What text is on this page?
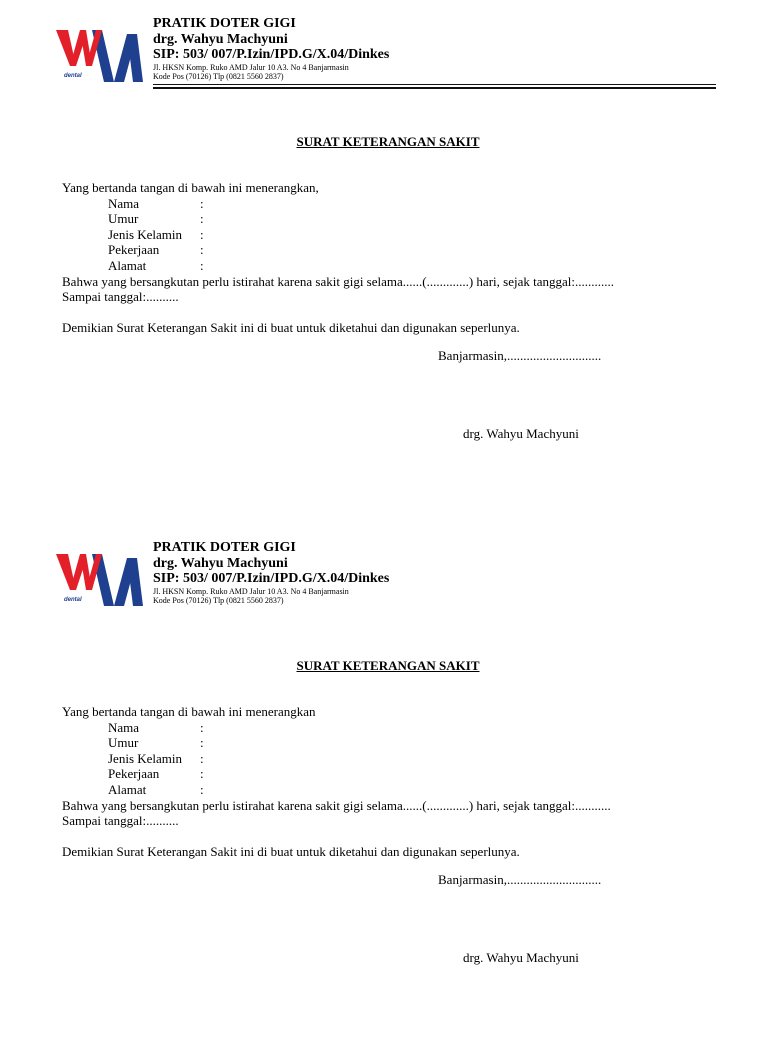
dental
PRATIK DOTER GIGI
drg. Wahyu Machyuni
SIP: 503/ 007/P.Izin/IPD.G/X.04/Dinkes
Jl. HKSN Komp. Ruko AMD Jalur 10 A3. No 4 Banjarmasin
Kode Pos (70126) Tlp (0821 5560 2837)
SURAT KETERANGAN SAKIT
Yang bertanda tangan di bawah ini menerangkan,
Nama	:
Umur	:
Jenis Kelamin :
Pekerjaan	:
Alamat	:
Bahwa yang bersangkutan perlu istirahat karena sakit gigi selama......(.............) hari, sejak tanggal:............
Sampai tanggal:..........
Demikian Surat Keterangan Sakit ini di buat untuk diketahui dan digunakan seperlunya.
Banjarmasin,.............................
drg. Wahyu Machyuni
dental
PRATIK DOTER GIGI
drg. Wahyu Machyuni
SIP: 503/ 007/P.Izin/IPD.G/X.04/Dinkes
Jl. HKSN Komp. Ruko AMD Jalur 10 A3. No 4 Banjarmasin
Kode Pos (70126) Tlp (0821 5560 2837)
SURAT KETERANGAN SAKIT
Yang bertanda tangan di bawah ini menerangkan
Nama	:
Umur	:
Jenis Kelamin :
Pekerjaan	:
Alamat	:
Bahwa yang bersangkutan perlu istirahat karena sakit gigi selama......(.............) hari, sejak tanggal:...........
Sampai tanggal:..........
Demikian Surat Keterangan Sakit ini di buat untuk diketahui dan digunakan seperlunya.
Banjarmasin,.............................
drg. Wahyu Machyuni
